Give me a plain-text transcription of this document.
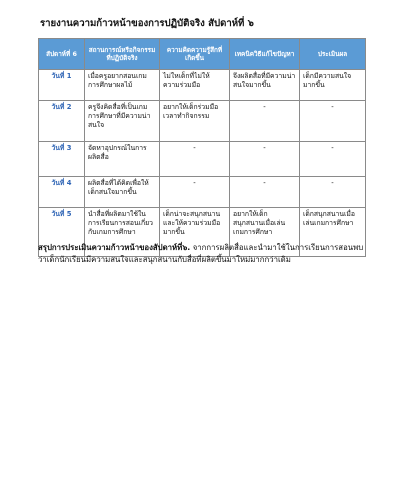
รายงานความก้าวหน้าของการปฏิบัติจริง สัปดาห์ที่ ๖
สัปดาห์ที่ 6	สถานการณ์หรือกิจกรรมที่ปฏิบัติจริง	ความคิดความรู้สึกที่เกิดขึ้น	เทคนิควิธีแก้ไขปัญหา	ประเมินผล
วันที่ 1	เมื่อครูอยากสอนเกมการศึกษาผลไม้	ไม่ใหเด็กที่ไม่ให้ความร่วมมือ	จึงผลิตสื่อที่มีความน่าสนใจมากขึ้น	เด็กมีความสนใจมากขึ้น
วันที่ 2	ครูจึงคิดสื่อที่เป็นเกมการศึกษาที่มีความน่าสนใจ	อยากให้เด็กร่วมมือเวลาทำกิจกรรม	-	-
วันที่ 3	จัดหาอุปกรณ์ในการผลิตสื่อ	-	-	-
วันที่ 4	ผลิตสื่อที่ได้คิดเพื่อให้เด็กสนใจมากขึ้น	-	-	-
วันที่ 5	นำสื่อที่ผลิตมาใช้ในการเรียนการสอนเกี่ยวกับเกมการศึกษา	เด็กน่าจะสนุกสนานและให้ความร่วมมือมากขึ้น	อยากให้เด็กสนุกสนานเมื่อเล่นเกมการศึกษา	เด็กสนุกสนานเมื่อเล่นเกมการศึกษา
สรุปการประเมินความก้าวหน้าของสัปดาห์ที่๖. จากการผลิตสื่อและนำมาใช้ในการเรียนการสอนพบว่าเด็กนักเรียนมีความสนใจและสนุกสนานกับสื่อที่ผลิตขึ้นมาใหม่มากกว่าเดิม
